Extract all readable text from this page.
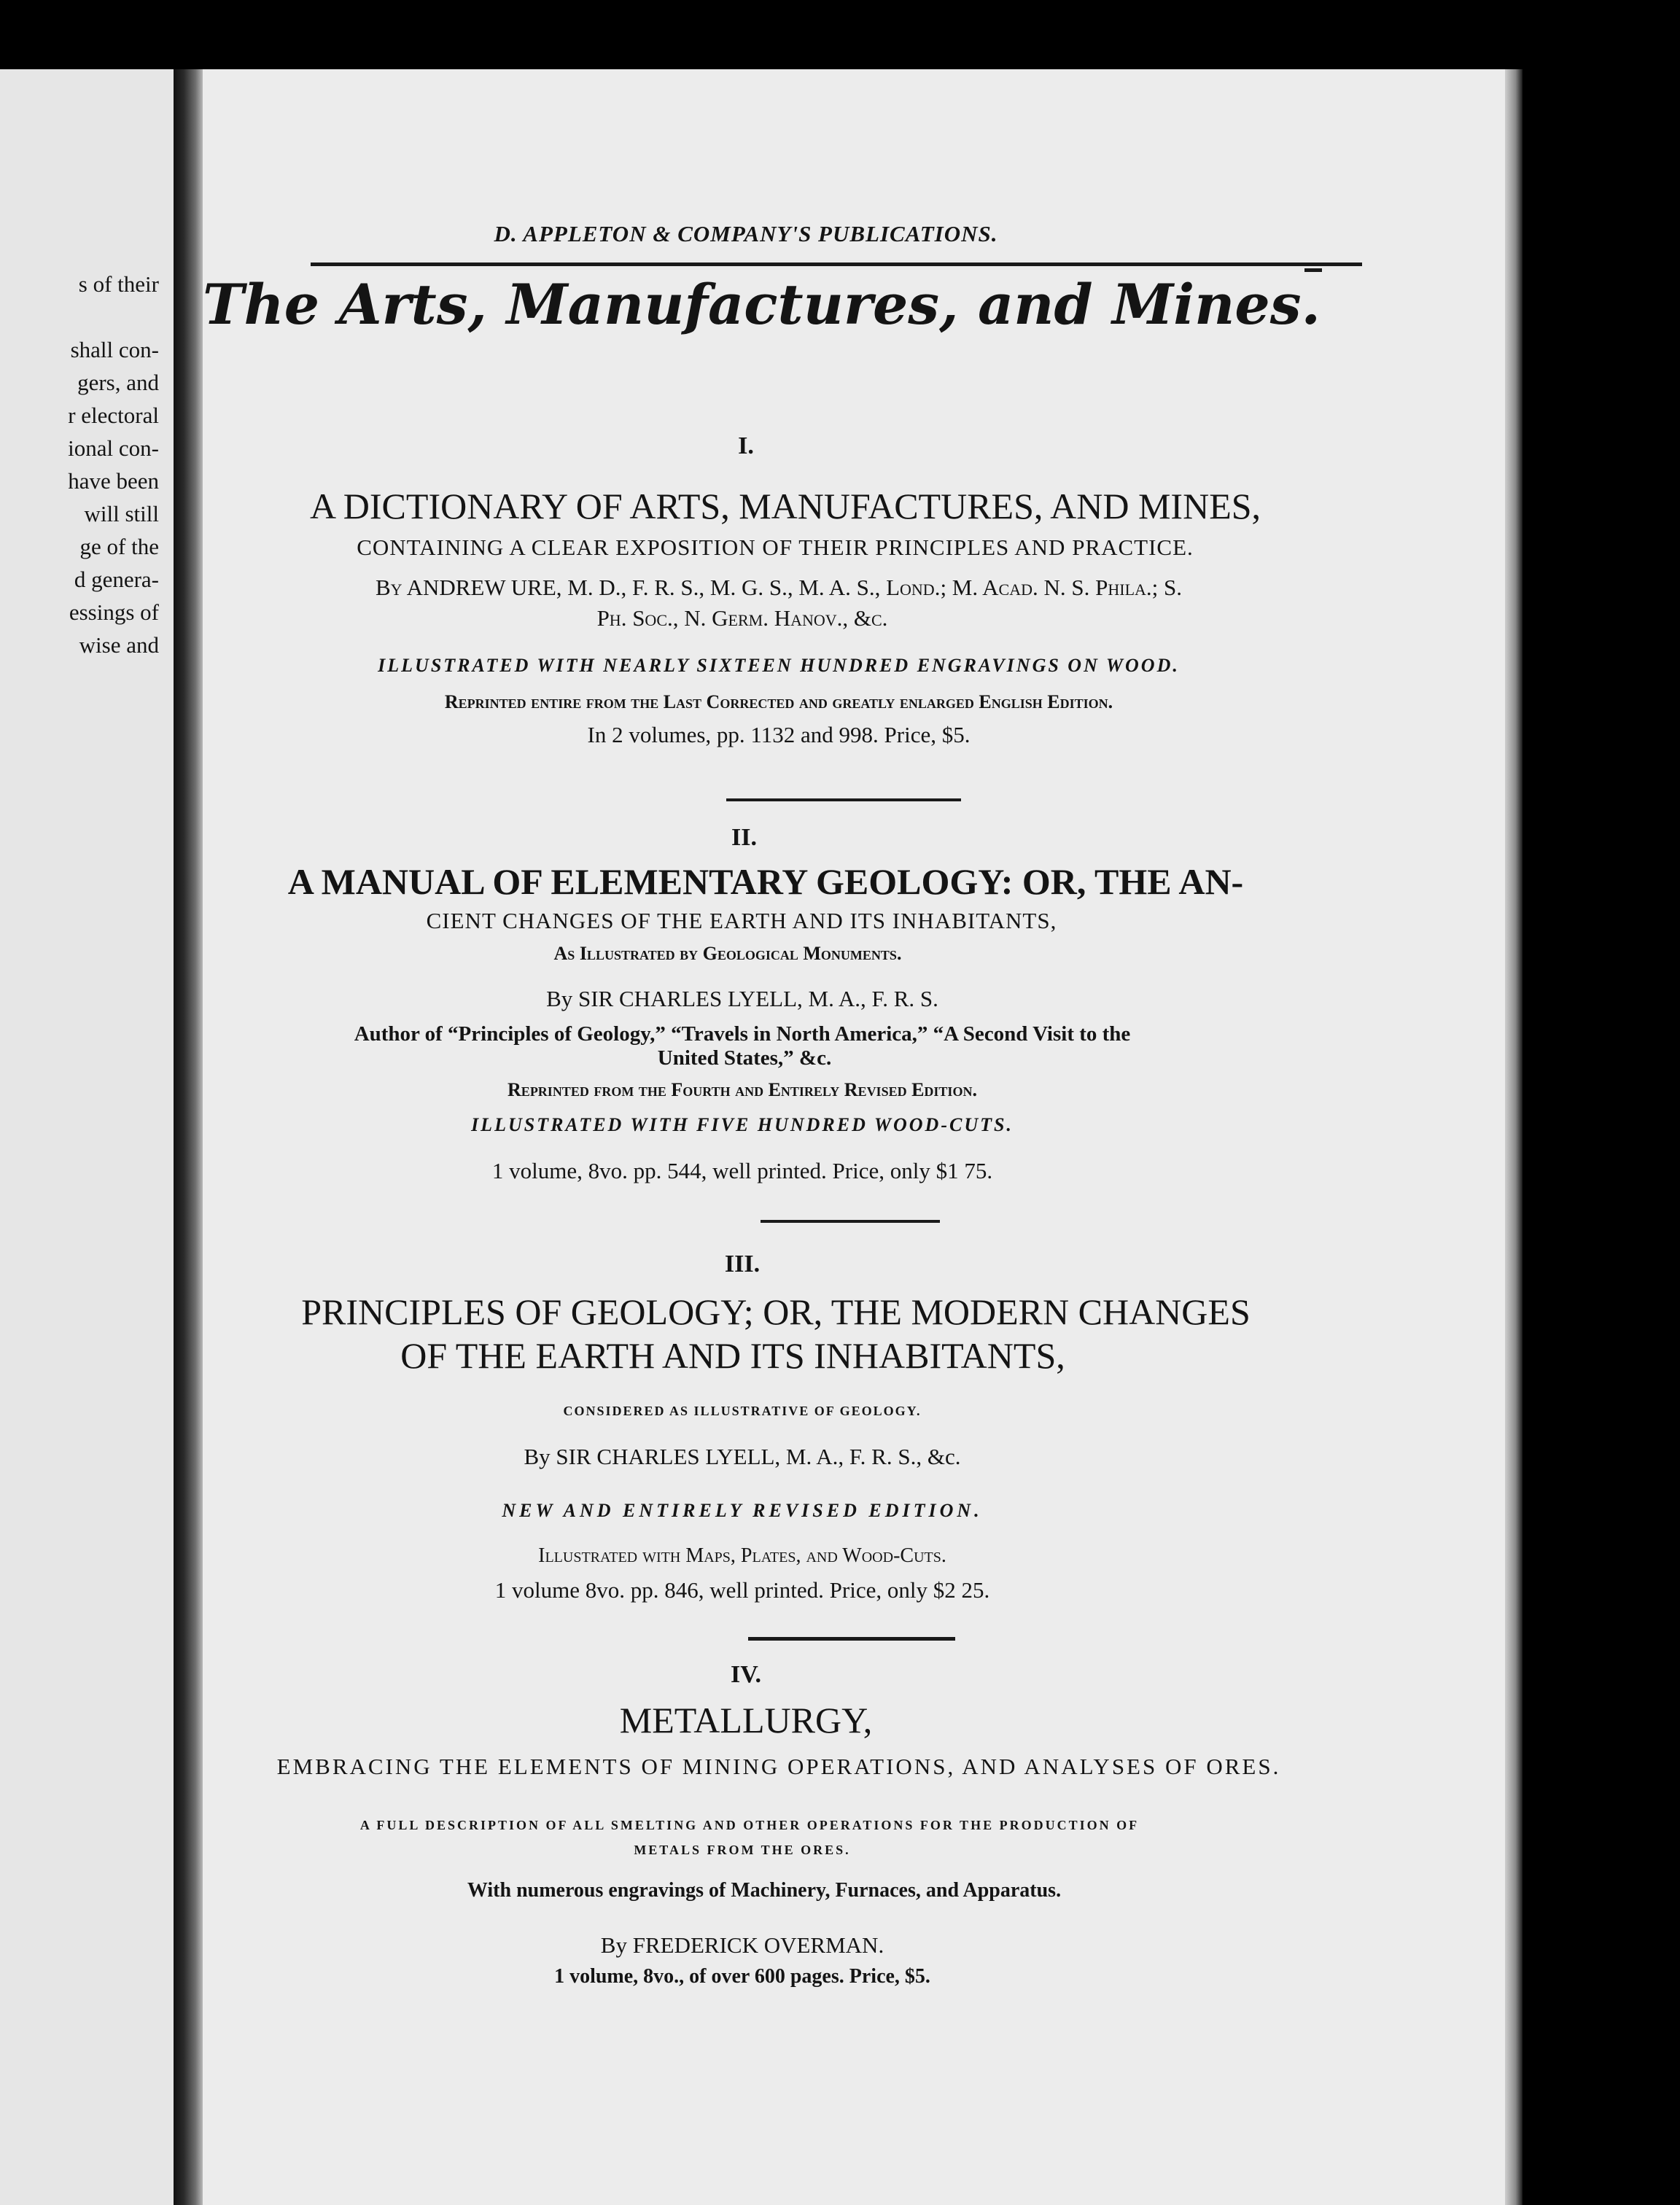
s of their
shall con-
gers, and
r electoral
ional con-
have been
will still
ge of the
d genera-
essings of
wise and

D. APPLETON & COMPANY'S PUBLICATIONS.

The Arts, Manufactures, and Mines.

I.

A DICTIONARY OF ARTS, MANUFACTURES, AND MINES,

CONTAINING A CLEAR EXPOSITION OF THEIR PRINCIPLES AND PRACTICE.

By ANDREW URE, M. D., F. R. S., M. G. S., M. A. S., Lond.; M. Acad. N. S. Phila.; S.

Ph. Soc., N. Germ. Hanov., &c.

ILLUSTRATED WITH NEARLY SIXTEEN HUNDRED ENGRAVINGS ON WOOD.

Reprinted entire from the Last Corrected and greatly enlarged English Edition.

In 2 volumes, pp. 1132 and 998. Price, $5.

II.

A MANUAL OF ELEMENTARY GEOLOGY: OR, THE AN-

CIENT CHANGES OF THE EARTH AND ITS INHABITANTS,

As Illustrated by Geological Monuments.

By SIR CHARLES LYELL, M. A., F. R. S.

Author of “Principles of Geology,” “Travels in North America,” “A Second Visit to the

United States,” &c.

Reprinted from the Fourth and Entirely Revised Edition.

ILLUSTRATED WITH FIVE HUNDRED WOOD-CUTS.

1 volume, 8vo. pp. 544, well printed. Price, only $1 75.

III.

PRINCIPLES OF GEOLOGY; OR, THE MODERN CHANGES

OF THE EARTH AND ITS INHABITANTS,

CONSIDERED AS ILLUSTRATIVE OF GEOLOGY.

By SIR CHARLES LYELL, M. A., F. R. S., &c.

NEW AND ENTIRELY REVISED EDITION.

Illustrated with Maps, Plates, and Wood-Cuts.

1 volume 8vo. pp. 846, well printed. Price, only $2 25.

IV.

METALLURGY,

EMBRACING THE ELEMENTS OF MINING OPERATIONS, AND ANALYSES OF ORES.

A FULL DESCRIPTION OF ALL SMELTING AND OTHER OPERATIONS FOR THE PRODUCTION OF

METALS FROM THE ORES.

With numerous engravings of Machinery, Furnaces, and Apparatus.

By FREDERICK OVERMAN.

1 volume, 8vo., of over 600 pages. Price, $5.
